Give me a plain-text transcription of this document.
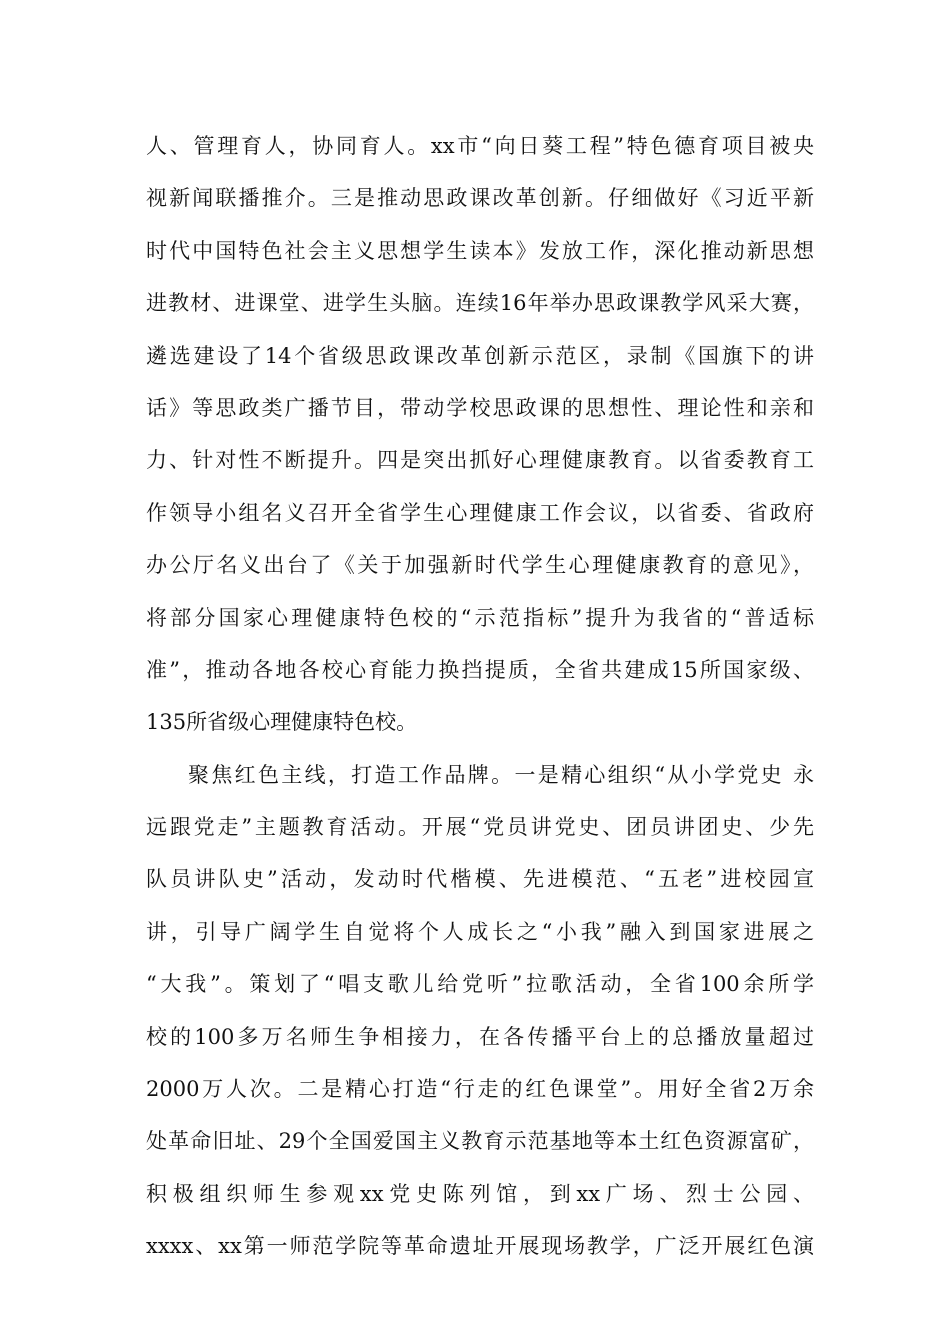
人、管理育人，协同育人。xx市“向日葵工程”特色德育项目被央
视新闻联播推介。三是推动思政课改革创新。仔细做好《习近平新
时代中国特色社会主义思想学生读本》发放工作，深化推动新思想
进教材、进课堂、进学生头脑。连续16年举办思政课教学风采大赛，
遴选建设了14个省级思政课改革创新示范区，录制《国旗下的讲
话》等思政类广播节目，带动学校思政课的思想性、理论性和亲和
力、针对性不断提升。四是突出抓好心理健康教育。以省委教育工
作领导小组名义召开全省学生心理健康工作会议，以省委、省政府
办公厅名义出台了《关于加强新时代学生心理健康教育的意见》，
将部分国家心理健康特色校的“示范指标”提升为我省的“普适标
准”，推动各地各校心育能力换挡提质，全省共建成15所国家级、
135所省级心理健康特色校。
聚焦红色主线，打造工作品牌。一是精心组织“从小学党史 永
远跟党走”主题教育活动。开展“党员讲党史、团员讲团史、少先
队员讲队史”活动，发动时代楷模、先进模范、“五老”进校园宣
讲，引导广阔学生自觉将个人成长之“小我”融入到国家进展之
“大我”。策划了“唱支歌儿给党听”拉歌活动，全省100余所学
校的100多万名师生争相接力，在各传播平台上的总播放量超过
2000万人次。二是精心打造“行走的红色课堂”。用好全省2万余
处革命旧址、29个全国爱国主义教育示范基地等本土红色资源富矿，
积极组织师生参观xx党史陈列馆，到xx广场、烈士公园、
xxxx、xx第一师范学院等革命遗址开展现场教学，广泛开展红色演
